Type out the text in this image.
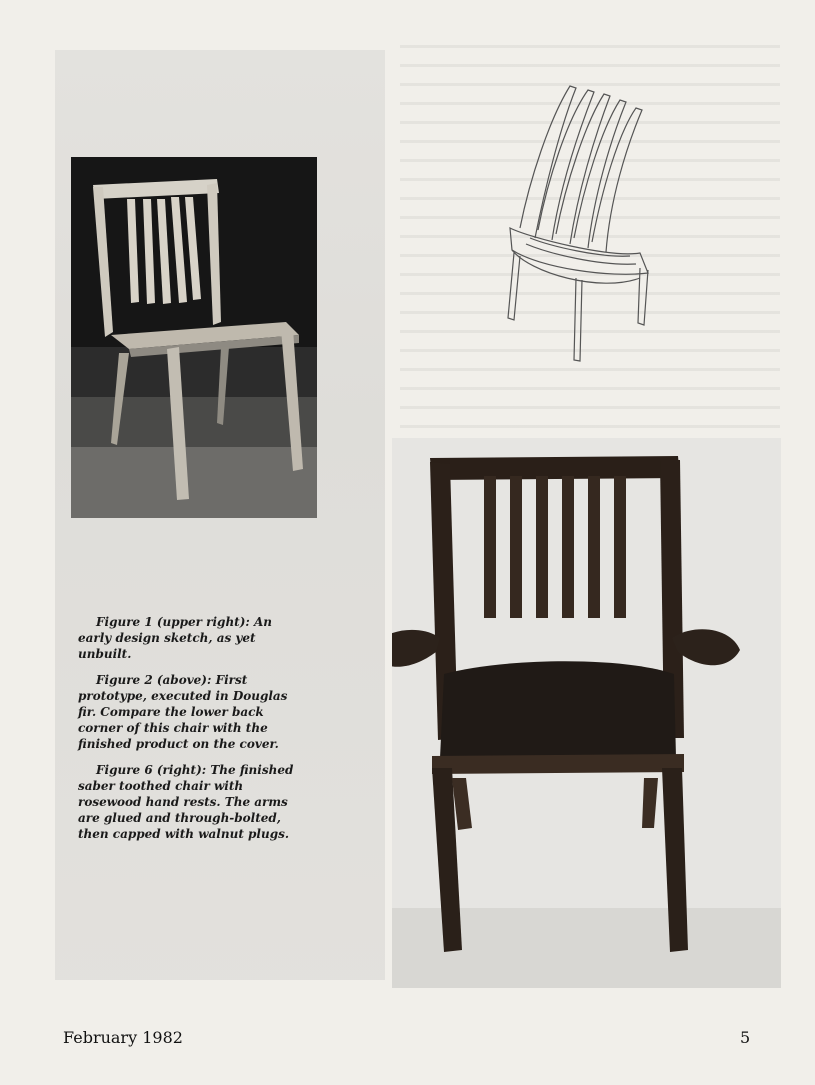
Figure 1 (upper right): An early design sketch, as yet unbuilt.

Figure 2 (above): First prototype, executed in Douglas fir. Compare the lower back corner of this chair with the finished product on the cover.

Figure 6 (right): The finished saber toothed chair with rosewood hand rests. The arms are glued and through-bolted, then capped with walnut plugs.

February 1982	5
